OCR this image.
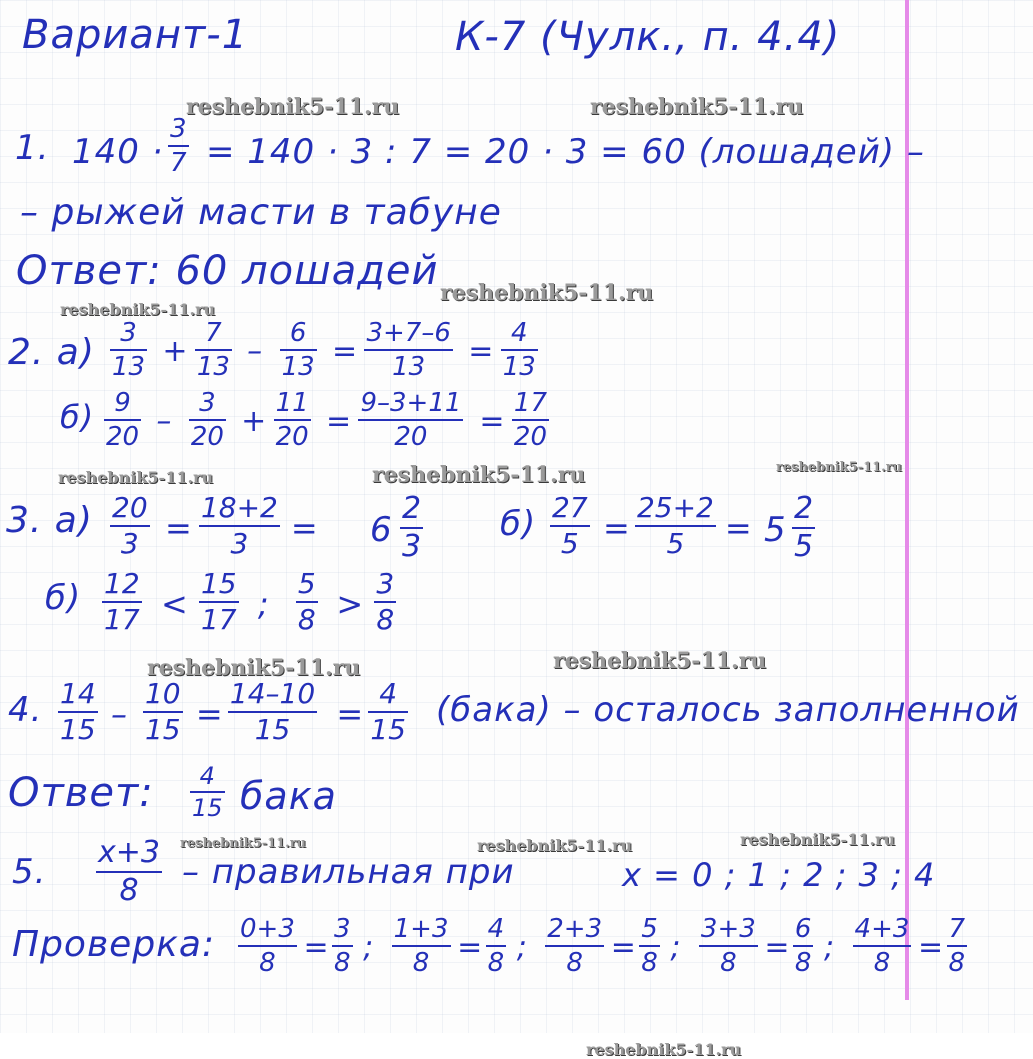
Вариант-1	К-7 (Чулк., п. 4.4)
reshebnik5-11.ru	reshebnik5-11.ru
reshebnik5-11.ru
reshebnik5-11.ru
reshebnik5-11.ru	reshebnik5-11.ru	reshebnik5-11.ru
reshebnik5-11.ru	reshebnik5-11.ru
reshebnik5-11.ru	reshebnik5-11.ru	reshebnik5-11.ru
reshebnik5-11.ru
1. 140 ·
3
7 = 140 · 3 : 7 = 20 · 3 = 60 (лошадей) –
– рыжей масти в табуне
Ответ: 60 лошадей
2. а)
б)
3. а)	6
2
3
б)	5
2
5
б)
4.	(бака) – осталось заполненной
Ответ: 4
15 бака
5. x+3
8 – правильная при	x = 0 ; 1 ; 2 ; 3 ; 4
Проверка:
3
13 +
7
13 –
6
13 =
3+7–6
13 =
4
13
9
20 –
3
20 +
11
20 =
9–3+11
20 =
17
20
20
3 =
18+2
3 =
27
5 =
25+2
5 =
12
17 <
15
17 ;
5
8 >
3
8
14
15 –
10
15 =
14–10
15 =
4
15
0+3
8 =
3
8 ;
1+3
8 =
4
8 ;
2+3
8 =
5
8 ;
3+3
8 =
6
8 ;
4+3
8 =
7
8
